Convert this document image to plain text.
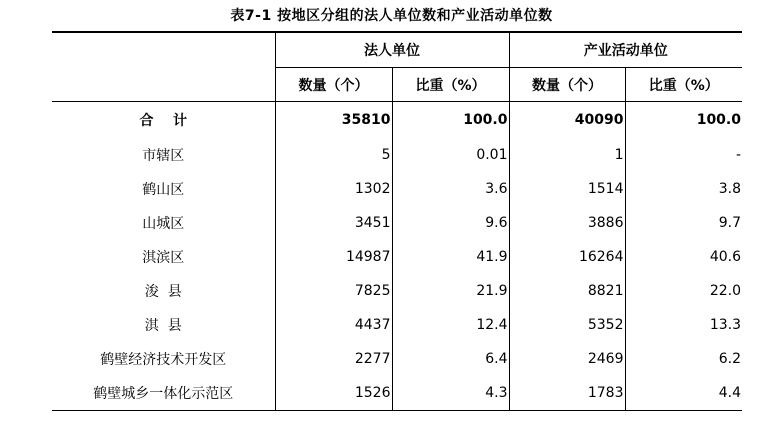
表7-1 按地区分组的法人单位数和产业活动单位数
	法人单位		产业活动单位	
	数量（个）	比重（%）	数量（个）	比重（%）
合    计	35810	100.0	40090	100.0
市辖区	5	0.01	1	-
鹤山区	1302	3.6	1514	3.8
山城区	3451	9.6	3886	9.7
淇滨区	14987	41.9	16264	40.6
浚  县	7825	21.9	8821	22.0
淇  县	4437	12.4	5352	13.3
鹤壁经济技术开发区	2277	6.4	2469	6.2
鹤壁城乡一体化示范区	1526	4.3	1783	4.4
